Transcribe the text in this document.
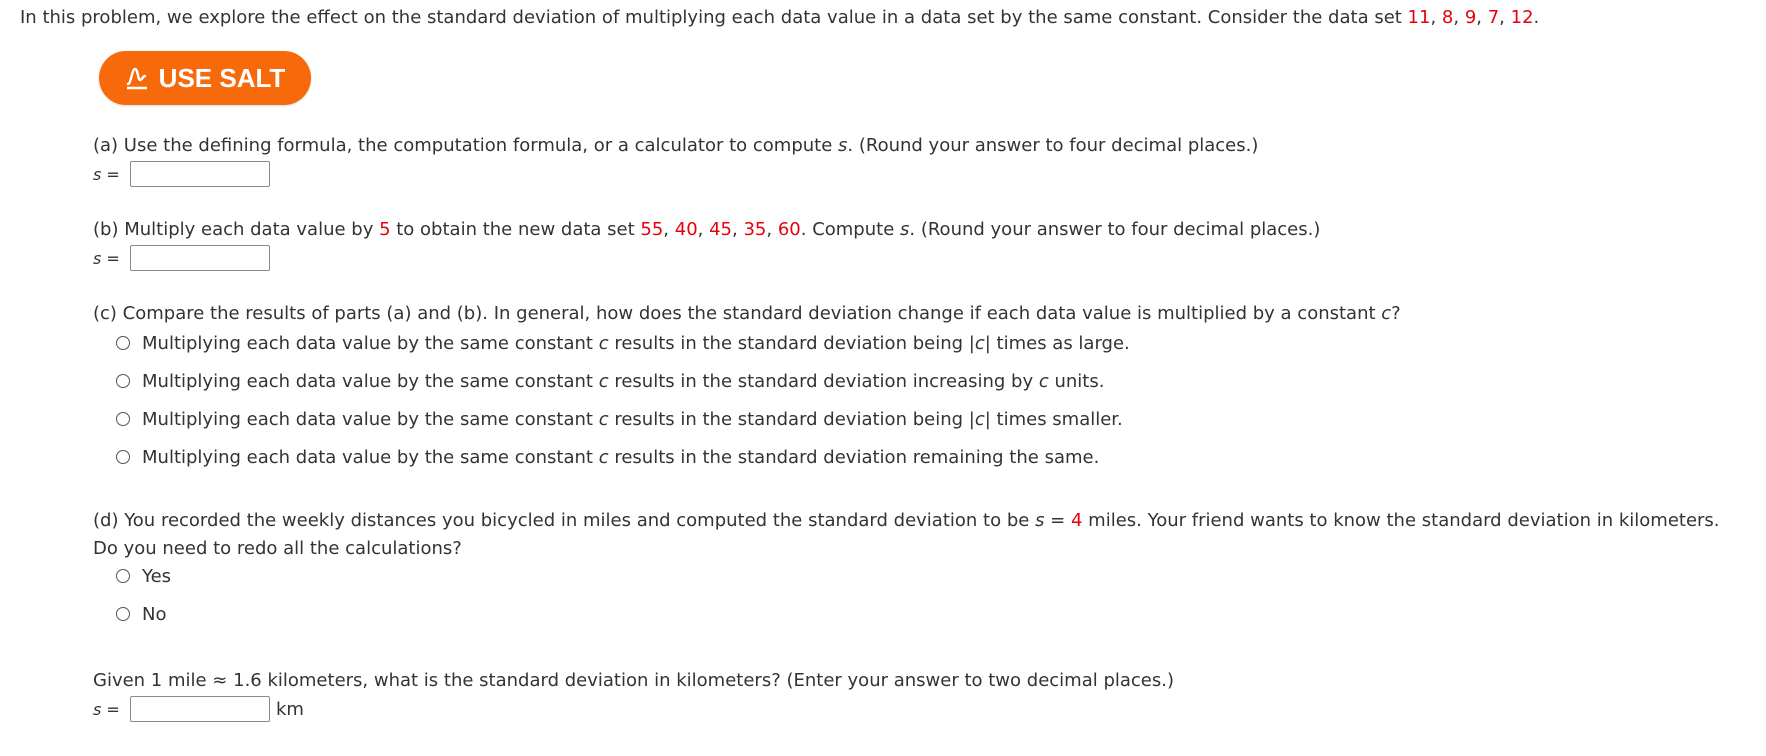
In this problem, we explore the effect on the standard deviation of multiplying each data value in a data set by the same constant. Consider the data set 11, 8, 9, 7, 12.
USE SALT
(a) Use the defining formula, the computation formula, or a calculator to compute s. (Round your answer to four decimal places.)
s =
(b) Multiply each data value by 5 to obtain the new data set 55, 40, 45, 35, 60. Compute s. (Round your answer to four decimal places.)
s =
(c) Compare the results of parts (a) and (b). In general, how does the standard deviation change if each data value is multiplied by a constant c?
Multiplying each data value by the same constant c results in the standard deviation being |c| times as large.
Multiplying each data value by the same constant c results in the standard deviation increasing by c units.
Multiplying each data value by the same constant c results in the standard deviation being |c| times smaller.
Multiplying each data value by the same constant c results in the standard deviation remaining the same.
(d) You recorded the weekly distances you bicycled in miles and computed the standard deviation to be s = 4 miles. Your friend wants to know the standard deviation in kilometers.
Do you need to redo all the calculations?
Yes
No
Given 1 mile ≈ 1.6 kilometers, what is the standard deviation in kilometers? (Enter your answer to two decimal places.)
s =	km
